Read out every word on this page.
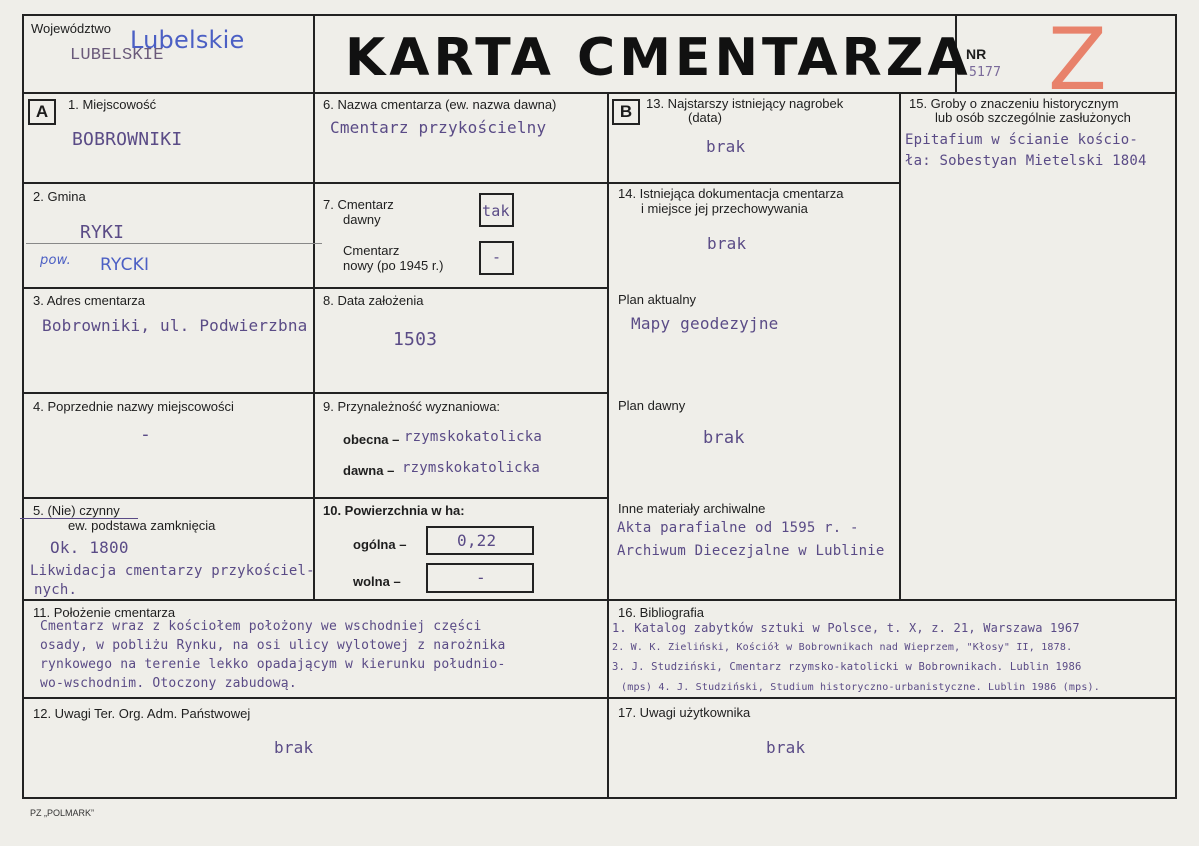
Województwo Lubelskie
LUBELSKIE	KARTA CMENTARZA
NR
5177 Z
A	B
1. Miejscowość
BOBROWNIKI
2. Gmina
RYKI
pow. RYCKI
3. Adres cmentarza
Bobrowniki, ul. Podwierzbna
4. Poprzednie nazwy miejscowości
-
5. (Nie) czynny
ew. podstawa zamknięcia
Ok. 1800
Likwidacja cmentarzy przykościel-
nych.
6. Nazwa cmentarza (ew. nazwa dawna)
Cmentarz przykościelny
7. Cmentarz
dawny	tak
Cmentarz
nowy (po 1945 r.)	-
8. Data założenia
1503
9. Przynależność wyznaniowa:
obecna – rzymskokatolicka
dawna – rzymskokatolicka
10. Powierzchnia w ha:
ogólna –	0,22
wolna –	-
13. Najstarszy istniejący nagrobek
(data)
brak
14. Istniejąca dokumentacja cmentarza
i miejsce jej przechowywania
brak
Plan aktualny
Mapy geodezyjne
Plan dawny
brak
Inne materiały archiwalne
Akta parafialne od 1595 r. -
Archiwum Diecezjalne w Lublinie
15. Groby o znaczeniu historycznym
lub osób szczególnie zasłużonych
Epitafium w ścianie kościo-
ła: Sobestyan Mietelski 1804
11. Położenie cmentarza
Cmentarz wraz z kościołem położony we wschodniej części
osady, w pobliżu Rynku, na osi ulicy wylotowej z narożnika
rynkowego na terenie lekko opadającym w kierunku południo-
wo-wschodnim. Otoczony zabudową.
16. Bibliografia
1. Katalog zabytków sztuki w Polsce, t. X, z. 21, Warszawa 1967
2. W. K. Zieliński, Kościół w Bobrownikach nad Wieprzem, "Kłosy" II, 1878.
3. J. Studziński, Cmentarz rzymsko-katolicki w Bobrownikach. Lublin 1986
(mps) 4. J. Studziński, Studium historyczno-urbanistyczne. Lublin 1986 (mps).
12. Uwagi Ter. Org. Adm. Państwowej
brak
17. Uwagi użytkownika
brak
PZ „POLMARK”
